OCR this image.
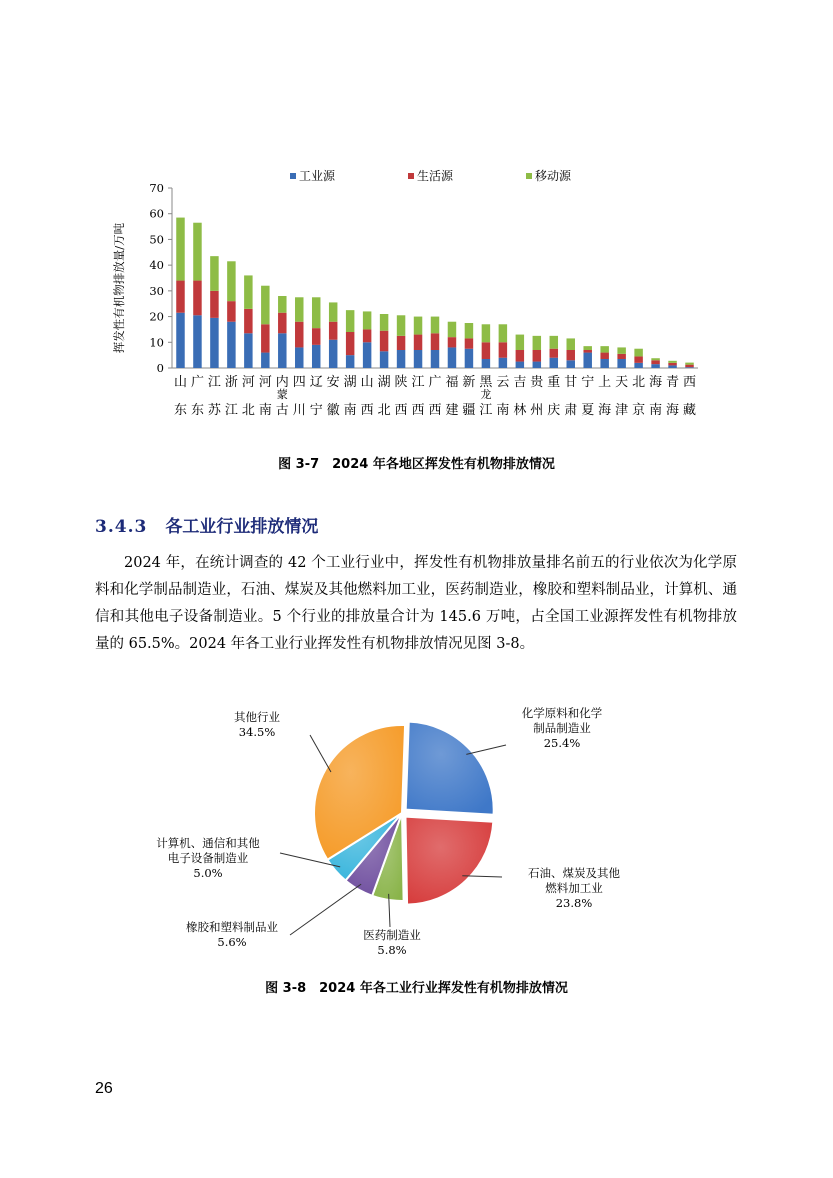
工业源	生活源	移动源
0
10
20
30
40
50
60
70
挥发性有机物排放量/万吨
山东
广东
江苏
浙江
河北
河南
内蒙古
四川
辽宁
安徽
湖南
山西
湖北
陕西
江西
广西
福建
新疆
黑龙江
云南
吉林
贵州
重庆
甘肃
宁夏
上海
天津
北京
海南
青海
西藏
图 3-7　2024 年各地区挥发性有机物排放情况
3.4.3 各工业行业排放情况

2024 年，在统计调查的 42 个工业行业中，挥发性有机物排放量排名前五的行业依次为化学原料和化学制品制造业，石油、煤炭及其他燃料加工业，医药制造业，橡胶和塑料制品业，计算机、通信和其他电子设备制造业。5 个行业的排放量合计为 145.6 万吨，占全国工业源挥发性有机物排放量的 65.5%。2024 年各工业行业挥发性有机物排放情况见图 3-8。

化学原料和化学制品制造业 25.4%
石油、煤炭及其他燃料加工业 23.8%
医药制造业 5.8%
橡胶和塑料制品业 5.6%
计算机、通信和其他电子设备制造业 5.0%
其他行业 34.5%
图 3-8　2024 年各工业行业挥发性有机物排放情况
26
